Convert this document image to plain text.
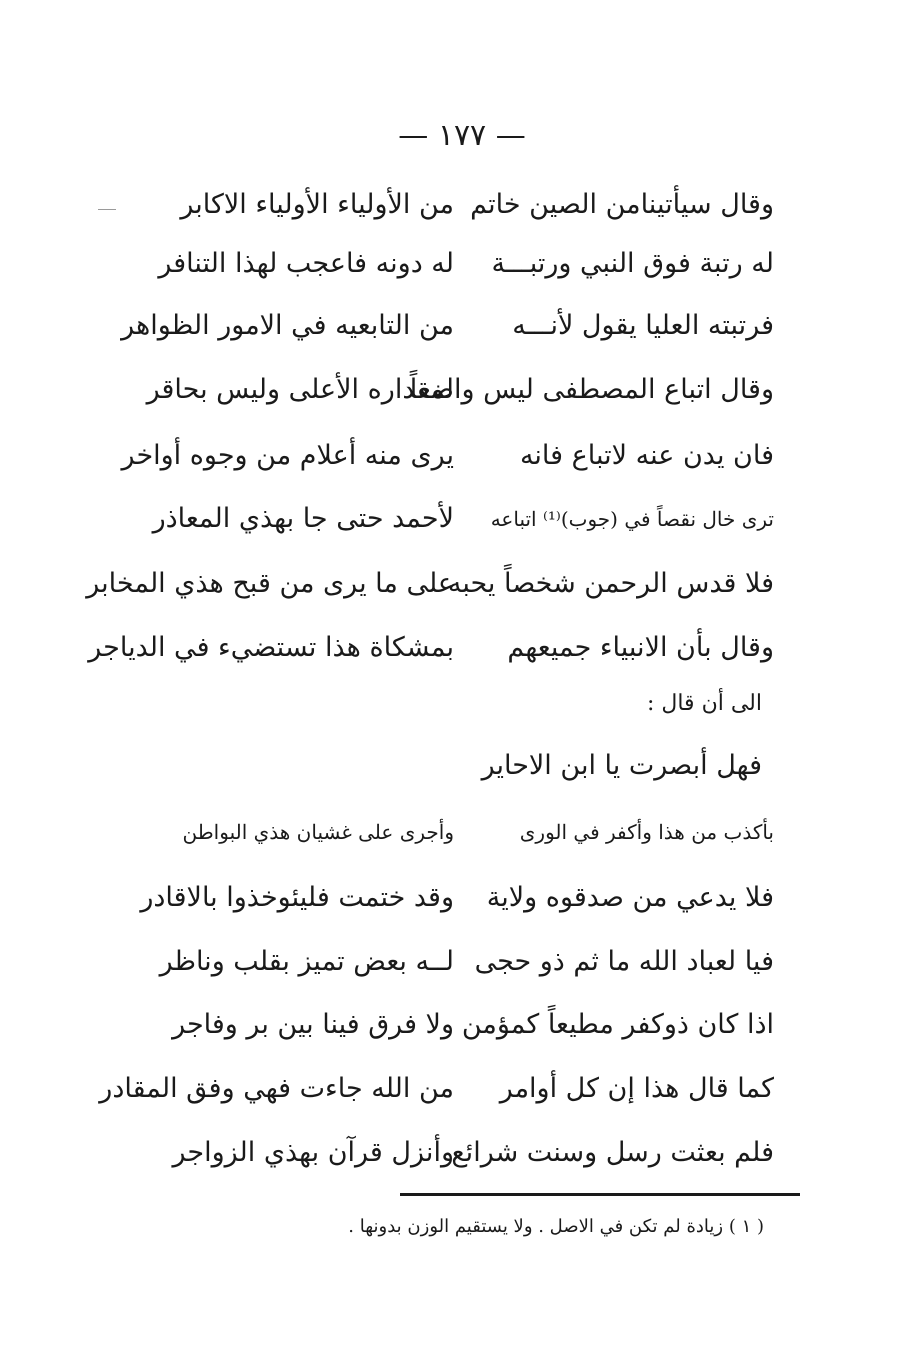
— ١٧٧ —
وقال سيأتينامن الصين خاتم
من الأولياء الأولياء الاكابر
له رتبة فوق النبي ورتبـــة
له دونه فاعجب لهذا التنافر
فرتبته العليا يقول لأنـــه
من التابعيه في الامور الظواهر
وقال اتباع المصطفى ليس واضعاً
لمقداره الأعلى وليس بحاقر
فان يدن عنه لاتباع فانه
يرى منه أعلام من وجوه أواخر
ترى خال نقصاً في (جوب)⁽¹⁾ اتباعه
لأحمد حتى جا بهذي المعاذر
فلا قدس الرحمن شخصاً يحبه
على ما يرى من قبح هذي المخابر
وقال بأن الانبياء جميعهم
بمشكاة هذا تستضيء في الدياجر
الى أن قال :
فهل أبصرت يا ابن الاحاير
بأكذب من هذا وأكفر في الورى
وأجرى على غشيان هذي البواطن
فلا يدعي من صدقوه ولاية
وقد ختمت فليئوخذوا بالاقادر
فيا لعباد الله ما ثم ذو حجى
لــه بعض تميز بقلب وناظر
اذا كان ذوكفر مطيعاً كمؤمن
ولا فرق فينا بين بر وفاجر
كما قال هذا إن كل أوامر
من الله جاءت فهي وفق المقادر
فلم بعثت رسل وسنت شرائع
وأنزل قرآن بهذي الزواجر
( ١ ) زيادة لم تكن في الاصل . ولا يستقيم الوزن بدونها .
